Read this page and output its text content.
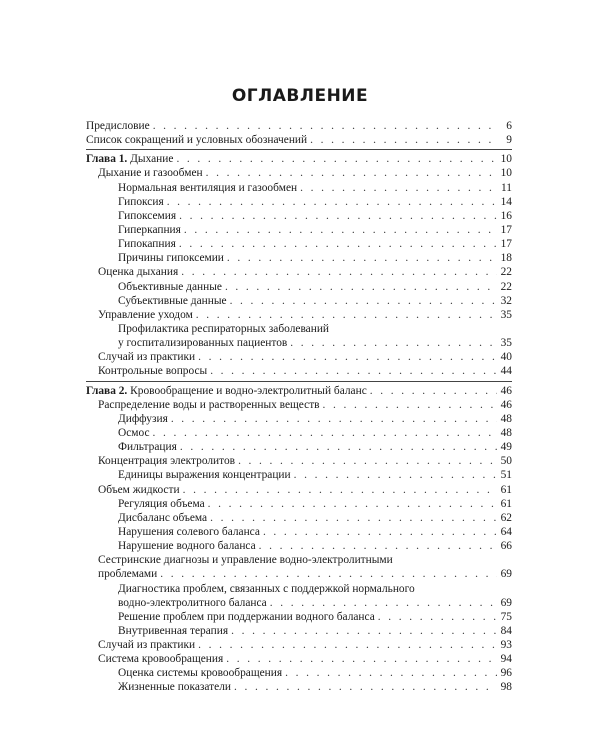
ОГЛАВЛЕНИЕ
Предисловие . . .	6
Список сокращений и условных обозначений . . .	9
Глава 1. Дыхание . . .	10
Дыхание и газообмен . . .	10
Нормальная вентиляция и газообмен . . .	11
Гипоксия . . .	14
Гипоксемия . . .	16
Гиперкапния . . .	17
Гипокапния . . .	17
Причины гипоксемии . . .	18
Оценка дыхания . . .	22
Объективные данные . . .	22
Субъективные данные . . .	32
Управление уходом . . .	35
Профилактика респираторных заболеваний
у госпитализированных пациентов . . .	35
Случай из практики . . .	40
Контрольные вопросы . . .	44
Глава 2. Кровообращение и водно-электролитный баланс . . .	46
Распределение воды и растворенных веществ . . .	46
Диффузия . . .	48
Осмос . . .	48
Фильтрация . . .	49
Концентрация электролитов . . .	50
Единицы выражения концентрации . . .	51
Объем жидкости . . .	61
Регуляция объема . . .	61
Дисбаланс объема . . .	62
Нарушения солевого баланса . . .	64
Нарушение водного баланса . . .	66
Сестринские диагнозы и управление водно-электролитными
проблемами . . .	69
Диагностика проблем, связанных с поддержкой нормального
водно-электролитного баланса . . .	69
Решение проблем при поддержании водного баланса . . .	75
Внутривенная терапия . . .	84
Случай из практики . . .	93
Система кровообращения . . .	94
Оценка системы кровообращения . . .	96
Жизненные показатели . . .	98
